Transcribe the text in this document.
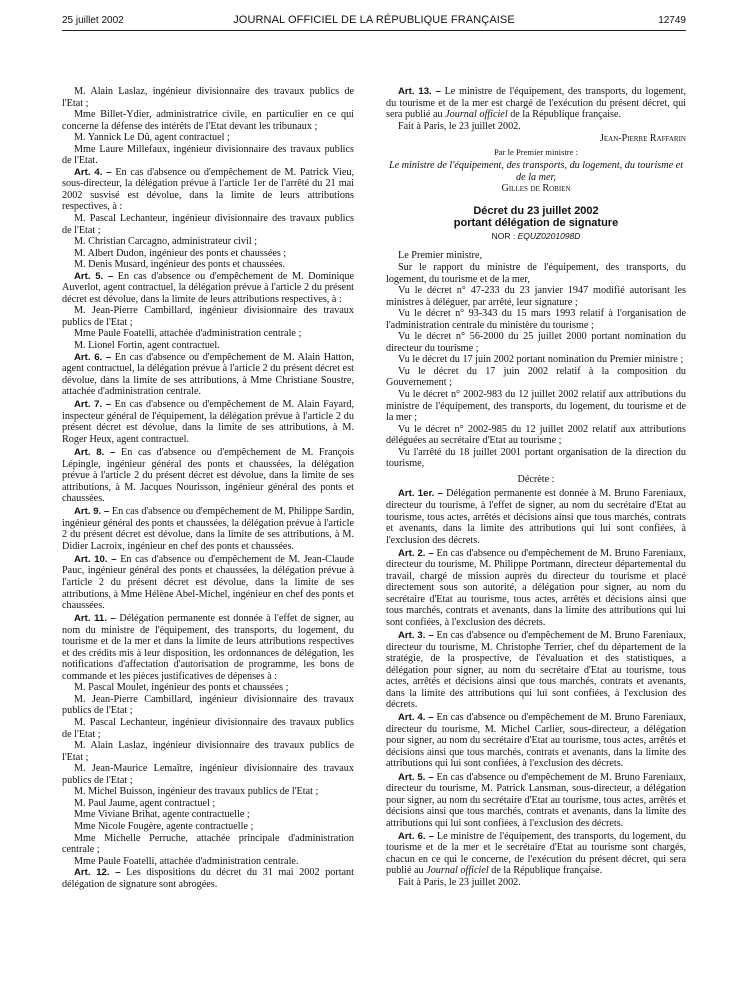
25 juillet 2002	JOURNAL OFFICIEL DE LA RÉPUBLIQUE FRANÇAISE	12749

M. Alain Laslaz, ingénieur divisionnaire des travaux publics de l'Etat ;

Mme Billet-Ydier, administratrice civile, en particulier en ce qui concerne la défense des intérêts de l'Etat devant les tribunaux ;

M. Yannick Le Dû, agent contractuel ;

Mme Laure Millefaux, ingénieur divisionnaire des travaux publics de l'Etat.

Art. 4. – En cas d'absence ou d'empêchement de M. Patrick Vieu, sous-directeur, la délégation prévue à l'article 1er de l'arrêté du 21 mai 2002 susvisé est dévolue, dans la limite de leurs attributions respectives, à :

M. Pascal Lechanteur, ingénieur divisionnaire des travaux publics de l'Etat ;

M. Christian Carcagno, administrateur civil ;

M. Albert Dudon, ingénieur des ponts et chaussées ;

M. Denis Musard, ingénieur des ponts et chaussées.

Art. 5. – En cas d'absence ou d'empêchement de M. Dominique Auverlot, agent contractuel, la délégation prévue à l'article 2 du présent décret est dévolue, dans la limite de leurs attributions respectives, à :

M. Jean-Pierre Cambillard, ingénieur divisionnaire des travaux publics de l'Etat ;

Mme Paule Foatelli, attachée d'administration centrale ;

M. Lionel Fortin, agent contractuel.

Art. 6. – En cas d'absence ou d'empêchement de M. Alain Hatton, agent contractuel, la délégation prévue à l'article 2 du présent décret est dévolue, dans la limite de ses attributions, à Mme Christiane Soustre, attachée d'administration centrale.

Art. 7. – En cas d'absence ou d'empêchement de M. Alain Fayard, inspecteur général de l'équipement, la délégation prévue à l'article 2 du présent décret est dévolue, dans la limite de ses attributions, à M. Roger Heux, agent contractuel.

Art. 8. – En cas d'absence ou d'empêchement de M. François Lépingle, ingénieur général des ponts et chaussées, la délégation prévue à l'article 2 du présent décret est dévolue, dans la limite de ses attributions, à M. Jacques Nourisson, ingénieur général des ponts et chaussées.

Art. 9. – En cas d'absence ou d'empêchement de M. Philippe Sardin, ingénieur général des ponts et chaussées, la délégation prévue à l'article 2 du présent décret est dévolue, dans la limite de ses attributions, à M. Didier Lacroix, ingénieur en chef des ponts et chaussées.

Art. 10. – En cas d'absence ou d'empêchement de M. Jean-Claude Pauc, ingénieur général des ponts et chaussées, la délégation prévue à l'article 2 du présent décret est dévolue, dans la limite de ses attributions, à Mme Hélène Abel-Michel, ingénieur en chef des ponts et chaussées.

Art. 11. – Délégation permanente est donnée à l'effet de signer, au nom du ministre de l'équipement, des transports, du logement, du tourisme et de la mer et dans la limite de leurs attributions respectives et des crédits mis à leur disposition, les ordonnances de délégation, les notifications d'affectation d'autorisation de programme, les bons de commande et les pièces justificatives de dépenses à :

M. Pascal Moulet, ingénieur des ponts et chaussées ;

M. Jean-Pierre Cambillard, ingénieur divisionnaire des travaux publics de l'Etat ;

M. Pascal Lechanteur, ingénieur divisionnaire des travaux publics de l'Etat ;

M. Alain Laslaz, ingénieur divisionnaire des travaux publics de l'Etat ;

M. Jean-Maurice Lemaître, ingénieur divisionnaire des travaux publics de l'Etat ;

M. Michel Buisson, ingénieur des travaux publics de l'Etat ;

M. Paul Jaume, agent contractuel ;

Mme Viviane Brihat, agente contractuelle ;

Mme Nicole Fougère, agente contractuelle ;

Mme Michelle Perruche, attachée principale d'administration centrale ;

Mme Paule Foatelli, attachée d'administration centrale.

Art. 12. – Les dispositions du décret du 31 mai 2002 portant délégation de signature sont abrogées.

Art. 13. – Le ministre de l'équipement, des transports, du logement, du tourisme et de la mer est chargé de l'exécution du présent décret, qui sera publié au Journal officiel de la République française.

Fait à Paris, le 23 juillet 2002.

Jean-Pierre Raffarin

Par le Premier ministre :

Le ministre de l'équipement, des transports, du logement, du tourisme et de la mer,

Gilles de Robien

Décret du 23 juillet 2002
portant délégation de signature

NOR : EQUZ0201098D

Le Premier ministre,

Sur le rapport du ministre de l'équipement, des transports, du logement, du tourisme et de la mer,

Vu le décret n° 47-233 du 23 janvier 1947 modifié autorisant les ministres à déléguer, par arrêté, leur signature ;

Vu le décret n° 93-343 du 15 mars 1993 relatif à l'organisation de l'administration centrale du ministère du tourisme ;

Vu le décret n° 56-2000 du 25 juillet 2000 portant nomination du directeur du tourisme ;

Vu le décret du 17 juin 2002 portant nomination du Premier ministre ;

Vu le décret du 17 juin 2002 relatif à la composition du Gouvernement ;

Vu le décret n° 2002-983 du 12 juillet 2002 relatif aux attributions du ministre de l'équipement, des transports, du logement, du tourisme et de la mer ;

Vu le décret n° 2002-985 du 12 juillet 2002 relatif aux attributions déléguées au secrétaire d'Etat au tourisme ;

Vu l'arrêté du 18 juillet 2001 portant organisation de la direction du tourisme,

Décrète :

Art. 1er. – Délégation permanente est donnée à M. Bruno Fareniaux, directeur du tourisme, à l'effet de signer, au nom du secrétaire d'Etat au tourisme, tous actes, arrêtés et décisions ainsi que tous marchés, contrats et avenants, dans la limite des attributions qui lui sont confiées, à l'exclusion des décrets.

Art. 2. – En cas d'absence ou d'empêchement de M. Bruno Fareniaux, directeur du tourisme, M. Philippe Portmann, directeur départemental du travail, chargé de mission auprès du directeur du tourisme et placé directement sous son autorité, a délégation pour signer, au nom du secrétaire d'Etat au tourisme, tous actes, arrêtés et décisions ainsi que tous marchés, contrats et avenants, dans la limite des attributions qui lui sont confiées, à l'exclusion des décrets.

Art. 3. – En cas d'absence ou d'empêchement de M. Bruno Fareniaux, directeur du tourisme, M. Christophe Terrier, chef du département de la stratégie, de la prospective, de l'évaluation et des statistiques, a délégation pour signer, au nom du secrétaire d'Etat au tourisme, tous actes, arrêtés et décisions ainsi que tous marchés, contrats et avenants, dans la limite des attributions qui lui sont confiées, à l'exclusion des décrets.

Art. 4. – En cas d'absence ou d'empêchement de M. Bruno Fareniaux, directeur du tourisme, M. Michel Carlier, sous-directeur, a délégation pour signer, au nom du secrétaire d'Etat au tourisme, tous actes, arrêtés et décisions ainsi que tous marchés, contrats et avenants, dans la limite des attributions qui lui sont confiées, à l'exclusion des décrets.

Art. 5. – En cas d'absence ou d'empêchement de M. Bruno Fareniaux, directeur du tourisme, M. Patrick Lansman, sous-directeur, a délégation pour signer, au nom du secrétaire d'Etat au tourisme, tous actes, arrêtés et décisions ainsi que tous marchés, contrats et avenants, dans la limite des attributions qui lui sont confiées, à l'exclusion des décrets.

Art. 6. – Le ministre de l'équipement, des transports, du logement, du tourisme et de la mer et le secrétaire d'Etat au tourisme sont chargés, chacun en ce qui le concerne, de l'exécution du présent décret, qui sera publié au Journal officiel de la République française.

Fait à Paris, le 23 juillet 2002.
